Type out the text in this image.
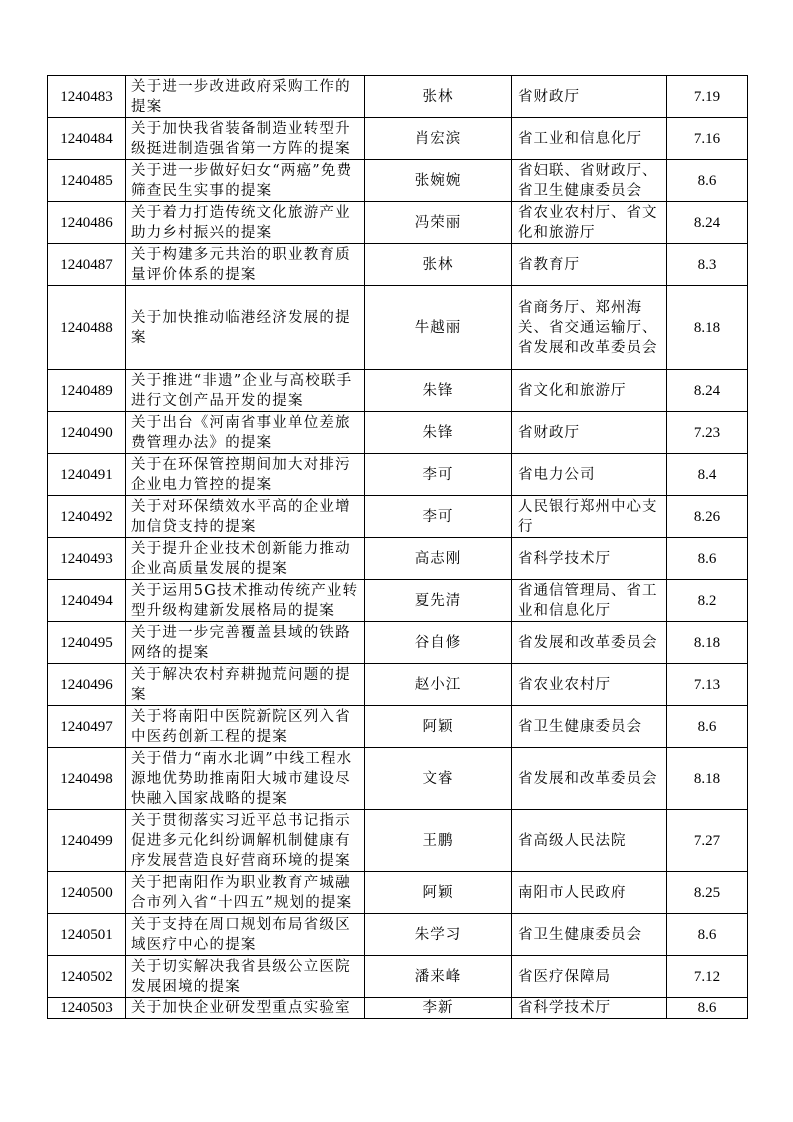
1240483	关于进一步改进政府采购工作的提案	张林	省财政厅	7.19
1240484	关于加快我省装备制造业转型升级挺进制造强省第一方阵的提案	肖宏滨	省工业和信息化厅	7.16
1240485	关于进一步做好妇女“两癌”免费筛查民生实事的提案	张婉婉	省妇联、省财政厅、省卫生健康委员会	8.6
1240486	关于着力打造传统文化旅游产业助力乡村振兴的提案	冯荣丽	省农业农村厅、省文化和旅游厅	8.24
1240487	关于构建多元共治的职业教育质量评价体系的提案	张林	省教育厅	8.3
1240488	关于加快推动临港经济发展的提案	牛越丽	省商务厅、郑州海关、省交通运输厅、省发展和改革委员会	8.18
1240489	关于推进“非遗”企业与高校联手进行文创产品开发的提案	朱锋	省文化和旅游厅	8.24
1240490	关于出台《河南省事业单位差旅费管理办法》的提案	朱锋	省财政厅	7.23
1240491	关于在环保管控期间加大对排污企业电力管控的提案	李可	省电力公司	8.4
1240492	关于对环保绩效水平高的企业增加信贷支持的提案	李可	人民银行郑州中心支行	8.26
1240493	关于提升企业技术创新能力推动企业高质量发展的提案	高志刚	省科学技术厅	8.6
1240494	关于运用5G技术推动传统产业转型升级构建新发展格局的提案	夏先清	省通信管理局、省工业和信息化厅	8.2
1240495	关于进一步完善覆盖县域的铁路网络的提案	谷自修	省发展和改革委员会	8.18
1240496	关于解决农村弃耕抛荒问题的提案	赵小江	省农业农村厅	7.13
1240497	关于将南阳中医院新院区列入省中医药创新工程的提案	阿颖	省卫生健康委员会	8.6
1240498	关于借力“南水北调”中线工程水源地优势助推南阳大城市建设尽快融入国家战略的提案	文睿	省发展和改革委员会	8.18
1240499	关于贯彻落实习近平总书记指示促进多元化纠纷调解机制健康有序发展营造良好营商环境的提案	王鹏	省高级人民法院	7.27
1240500	关于把南阳作为职业教育产城融合市列入省“十四五”规划的提案	阿颖	南阳市人民政府	8.25
1240501	关于支持在周口规划布局省级区域医疗中心的提案	朱学习	省卫生健康委员会	8.6
1240502	关于切实解决我省县级公立医院发展困境的提案	潘来峰	省医疗保障局	7.12
1240503	关于加快企业研发型重点实验室	李新	省科学技术厅	8.6
